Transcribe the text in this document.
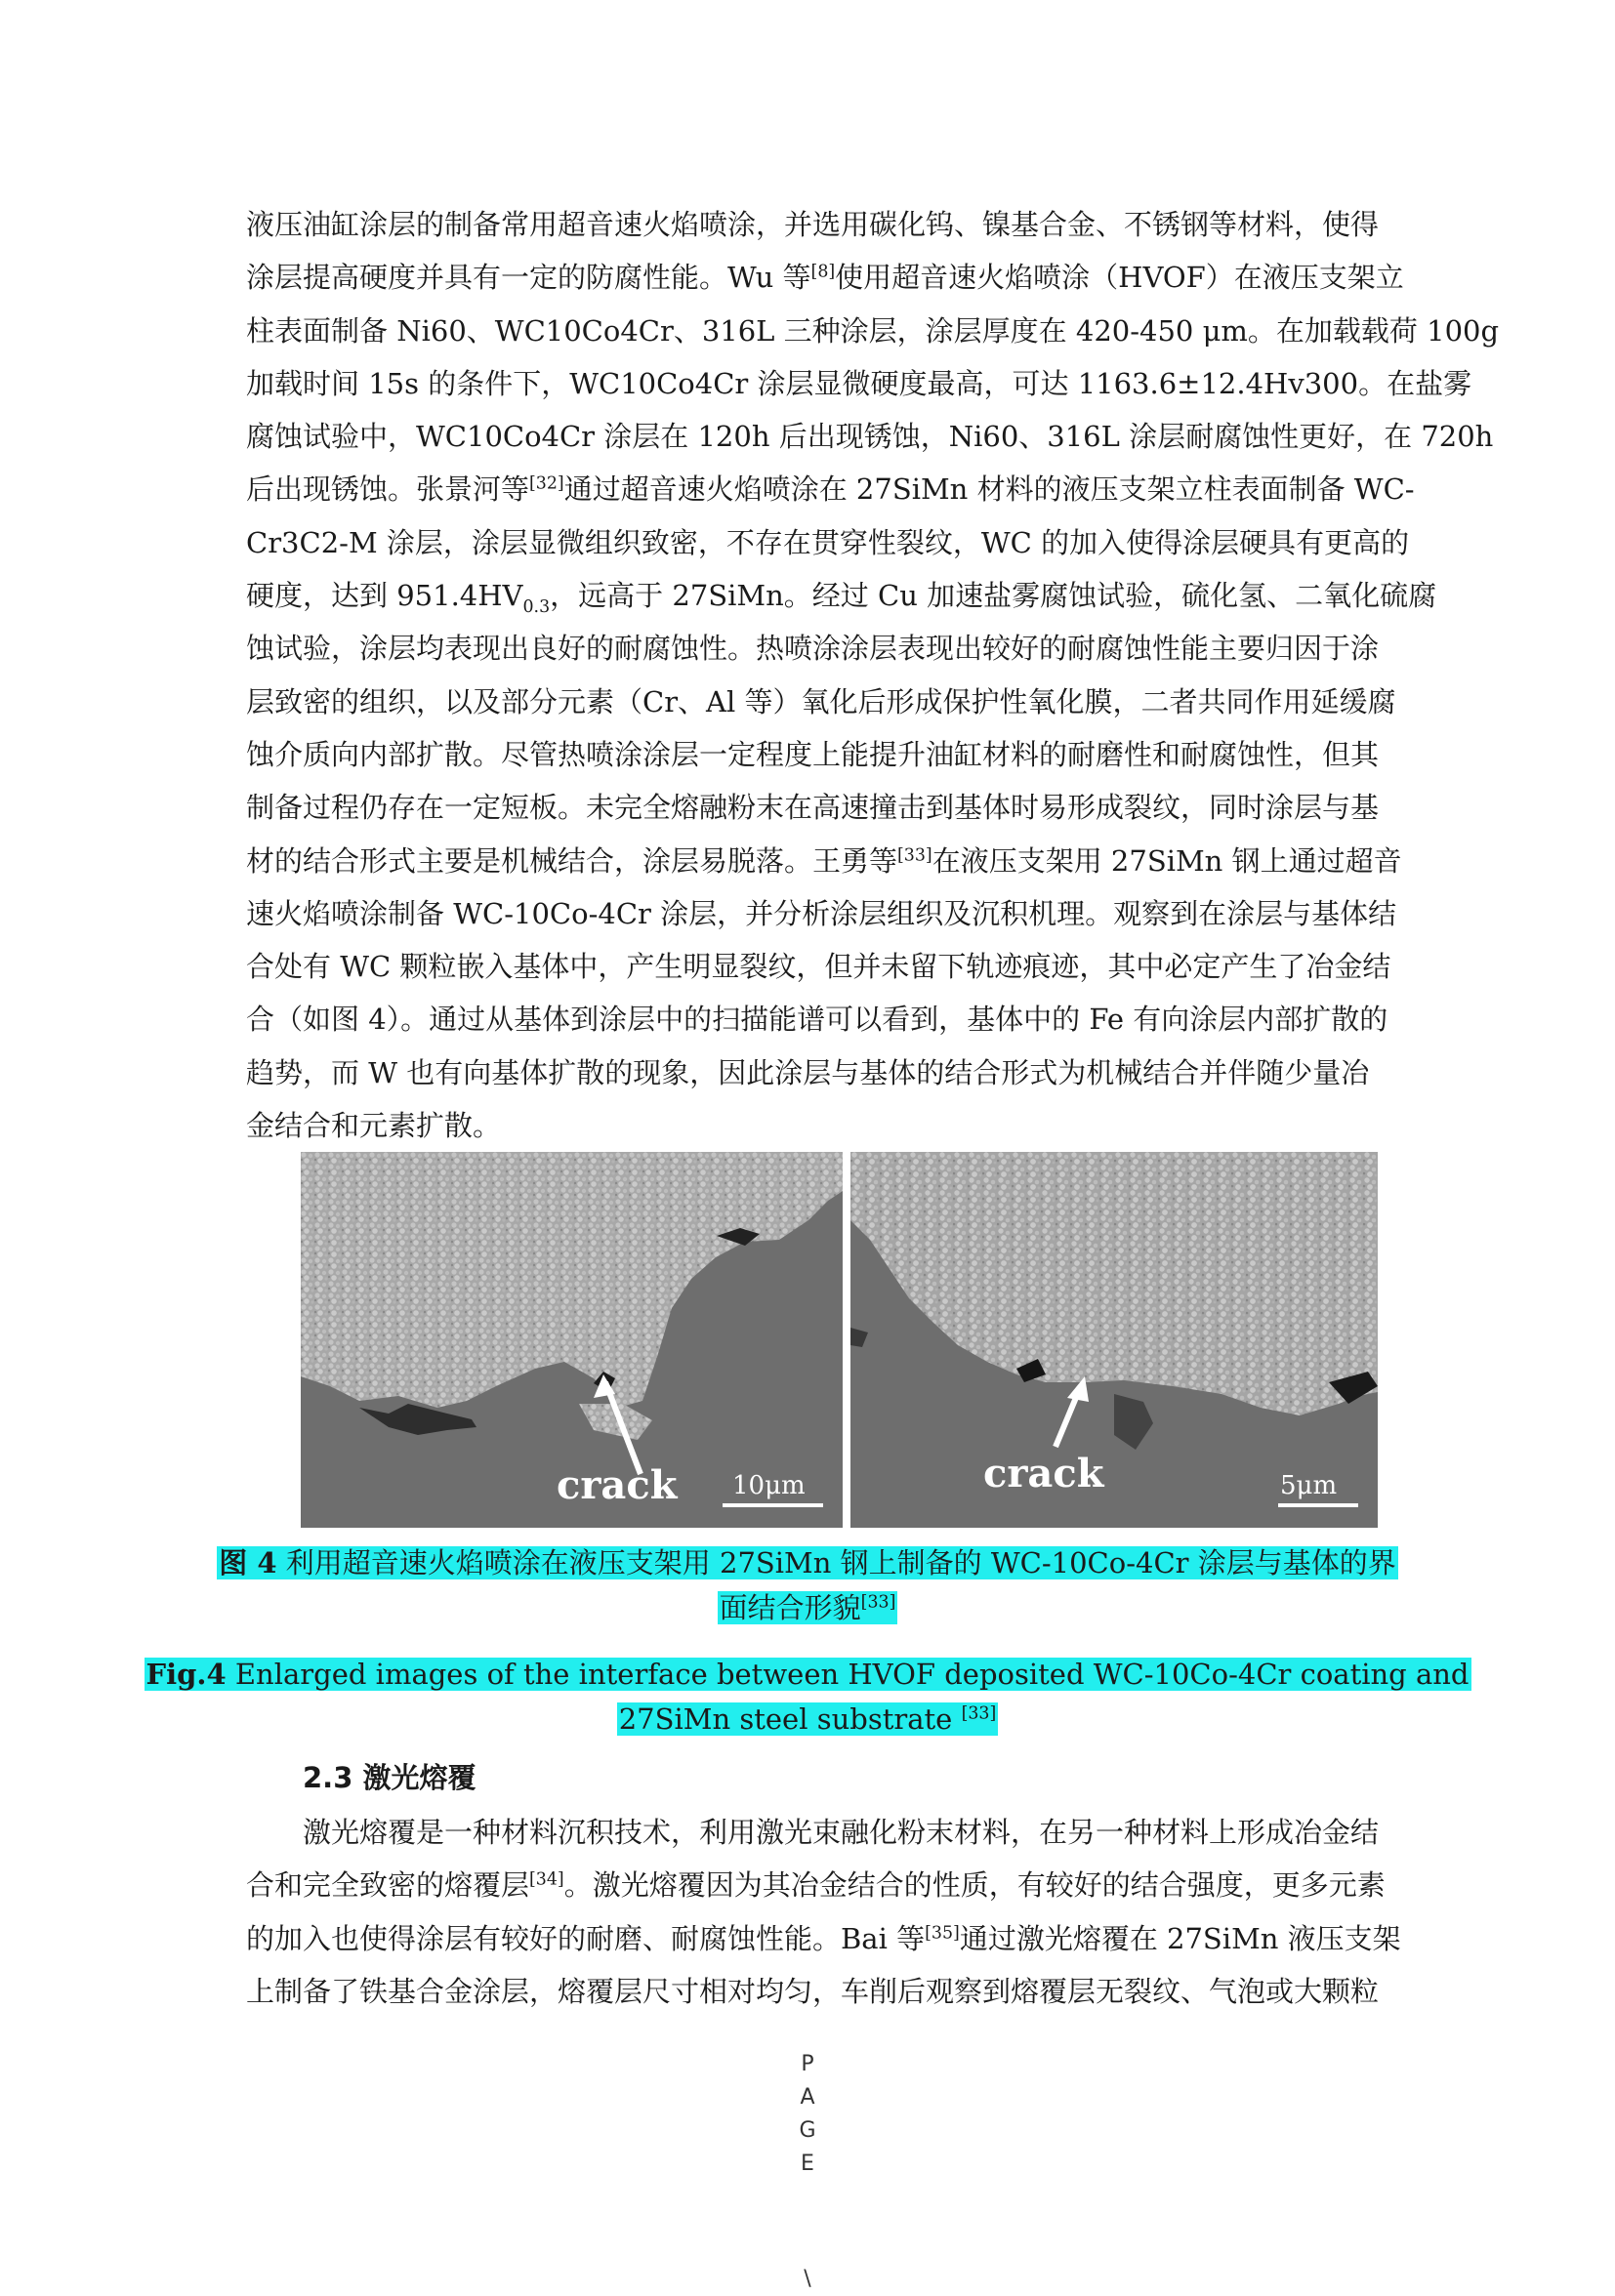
液压油缸涂层的制备常用超音速火焰喷涂，并选用碳化钨、镍基合金、不锈钢等材料，使得
涂层提高硬度并具有一定的防腐性能。Wu 等[8]使用超音速火焰喷涂（HVOF）在液压支架立
柱表面制备 Ni60、WC10Co4Cr、316L 三种涂层，涂层厚度在 420-450 μm。在加载载荷 100g
加载时间 15s 的条件下，WC10Co4Cr 涂层显微硬度最高，可达 1163.6±12.4Hv300。在盐雾
腐蚀试验中，WC10Co4Cr 涂层在 120h 后出现锈蚀，Ni60、316L 涂层耐腐蚀性更好，在 720h
后出现锈蚀。张景河等[32]通过超音速火焰喷涂在 27SiMn 材料的液压支架立柱表面制备 WC-
Cr3C2-M 涂层，涂层显微组织致密，不存在贯穿性裂纹，WC 的加入使得涂层硬具有更高的
硬度，达到 $951.4HV_{0.3}$，远高于 27SiMn。经过 Cu 加速盐雾腐蚀试验，硫化氢、二氧化硫腐
蚀试验，涂层均表现出良好的耐腐蚀性。热喷涂涂层表现出较好的耐腐蚀性能主要归因于涂
层致密的组织，以及部分元素（Cr、Al 等）氧化后形成保护性氧化膜，二者共同作用延缓腐
蚀介质向内部扩散。尽管热喷涂涂层一定程度上能提升油缸材料的耐磨性和耐腐蚀性，但其
制备过程仍存在一定短板。未完全熔融粉末在高速撞击到基体时易形成裂纹，同时涂层与基
材的结合形式主要是机械结合，涂层易脱落。王勇等[33]在液压支架用 27SiMn 钢上通过超音
速火焰喷涂制备 WC-10Co-4Cr 涂层，并分析涂层组织及沉积机理。观察到在涂层与基体结
合处有 WC 颗粒嵌入基体中，产生明显裂纹，但并未留下轨迹痕迹，其中必定产生了冶金结
合（如图 4）。通过从基体到涂层中的扫描能谱可以看到，基体中的 Fe 有向涂层内部扩散的
趋势，而 W 也有向基体扩散的现象，因此涂层与基体的结合形式为机械结合并伴随少量冶
金结合和元素扩散。
crack 10μm	crack	5μm
图 4 利用超音速火焰喷涂在液压支架用 27SiMn 钢上制备的 WC-10Co-4Cr 涂层与基体的界
面结合形貌[33]
Fig.4 Enlarged images of the interface between HVOF deposited WC-10Co-4Cr coating and
27SiMn steel substrate [33]
2.3 激光熔覆
激光熔覆是一种材料沉积技术，利用激光束融化粉末材料，在另一种材料上形成冶金结
合和完全致密的熔覆层[34]。激光熔覆因为其冶金结合的性质，有较好的结合强度，更多元素
的加入也使得涂层有较好的耐磨、耐腐蚀性能。Bai 等[35]通过激光熔覆在 27SiMn 液压支架
上制备了铁基合金涂层，熔覆层尺寸相对均匀，车削后观察到熔覆层无裂纹、气泡或大颗粒
P
A
G
E
\
